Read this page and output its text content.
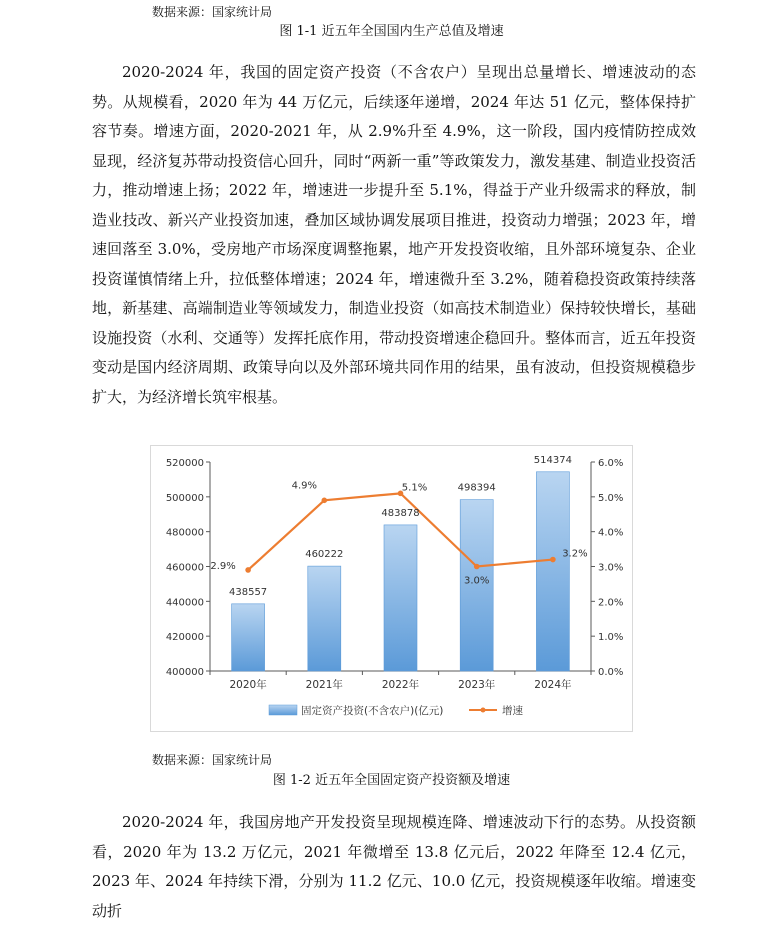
数据来源：国家统计局
图 1-1 近五年全国国内生产总值及增速

2020-2024 年，我国的固定资产投资（不含农户）呈现出总量增长、增速波动的态势。从规模看，2020 年为 44 万亿元，后续逐年递增，2024 年达 51 亿元，整体保持扩容节奏。增速方面，2020-2021 年，从 2.9%升至 4.9%，这一阶段，国内疫情防控成效显现，经济复苏带动投资信心回升，同时“两新一重”等政策发力，激发基建、制造业投资活力，推动增速上扬；2022 年，增速进一步提升至 5.1%，得益于产业升级需求的释放，制造业技改、新兴产业投资加速，叠加区域协调发展项目推进，投资动力增强；2023 年，增速回落至 3.0%，受房地产市场深度调整拖累，地产开发投资收缩，且外部环境复杂、企业投资谨慎情绪上升，拉低整体增速；2024 年，增速微升至 3.2%，随着稳投资政策持续落地，新基建、高端制造业等领域发力，制造业投资（如高技术制造业）保持较快增长，基础设施投资（水利、交通等）发挥托底作用，带动投资增速企稳回升。整体而言，近五年投资变动是国内经济周期、政策导向以及外部环境共同作用的结果，虽有波动，但投资规模稳步扩大，为经济增长筑牢根基。

400000
420000
440000
460000
480000
500000
520000
0.0%
1.0%
2.0%
3.0%
4.0%
5.0%
6.0%
2020年	2021年	2022年	2023年	2024年
438557
460222
483878
498394
514374
2.9%
4.9%	5.1%
3.0%
3.2%
固定资产投资(不含农户)(亿元)	增速
数据来源：国家统计局
图 1-2 近五年全国固定资产投资额及增速

2020-2024 年，我国房地产开发投资呈现规模连降、增速波动下行的态势。从投资额看，2020 年为 13.2 万亿元，2021 年微增至 13.8 亿元后，2022 年降至 12.4 亿元，2023 年、2024 年持续下滑，分别为 11.2 亿元、10.0 亿元，投资规模逐年收缩。增速变动折
